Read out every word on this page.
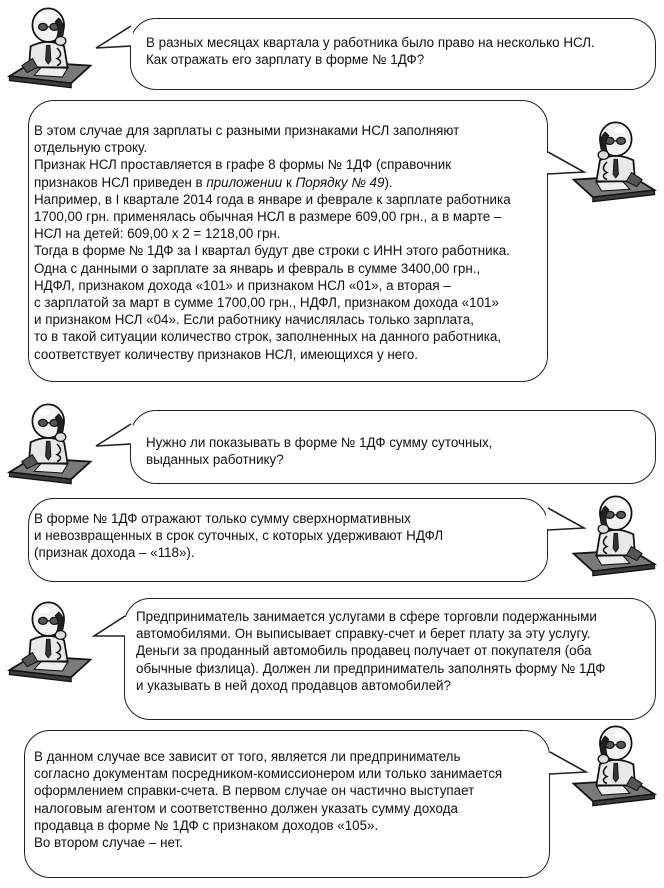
В разных месяцах квартала у работника было право на несколько НСЛ.
Как отражать его зарплату в форме № 1ДФ?
В этом случае для зарплаты с разными признаками НСЛ заполняют
отдельную строку.
Признак НСЛ проставляется в графе 8 формы № 1ДФ (справочник
признаков НСЛ приведен в приложении к Порядку № 49).
Например, в I квартале 2014 года в январе и феврале к зарплате работника
1700,00 грн. применялась обычная НСЛ в размере 609,00 грн., а в марте –
НСЛ на детей: 609,00 х 2 = 1218,00 грн.
Тогда в форме № 1ДФ за I квартал будут две строки с ИНН этого работника.
Одна с данными о зарплате за январь и февраль в сумме 3400,00 грн.,
НДФЛ, признаком дохода «101» и признаком НСЛ «01», а вторая –
с зарплатой за март в сумме 1700,00 грн., НДФЛ, признаком дохода «101»
и признаком НСЛ «04». Если работнику начислялась только зарплата,
то в такой ситуации количество строк, заполненных на данного работника,
соответствует количеству признаков НСЛ, имеющихся у него.
Нужно ли показывать в форме № 1ДФ сумму суточных,
выданных работнику?
В форме № 1ДФ отражают только сумму сверхнормативных
и невозвращенных в срок суточных, с которых удерживают НДФЛ
(признак дохода – «118»).
Предприниматель занимается услугами в сфере торговли подержанными
автомобилями. Он выписывает справку-счет и берет плату за эту услугу.
Деньги за проданный автомобиль продавец получает от покупателя (оба
обычные физлица). Должен ли предприниматель заполнять форму № 1ДФ
и указывать в ней доход продавцов автомобилей?
В данном случае все зависит от того, является ли предприниматель
согласно документам посредником-комиссионером или только занимается
оформлением справки-счета. В первом случае он частично выступает
налоговым агентом и соответственно должен указать сумму дохода
продавца в форме № 1ДФ с признаком доходов «105».
Во втором случае – нет.
